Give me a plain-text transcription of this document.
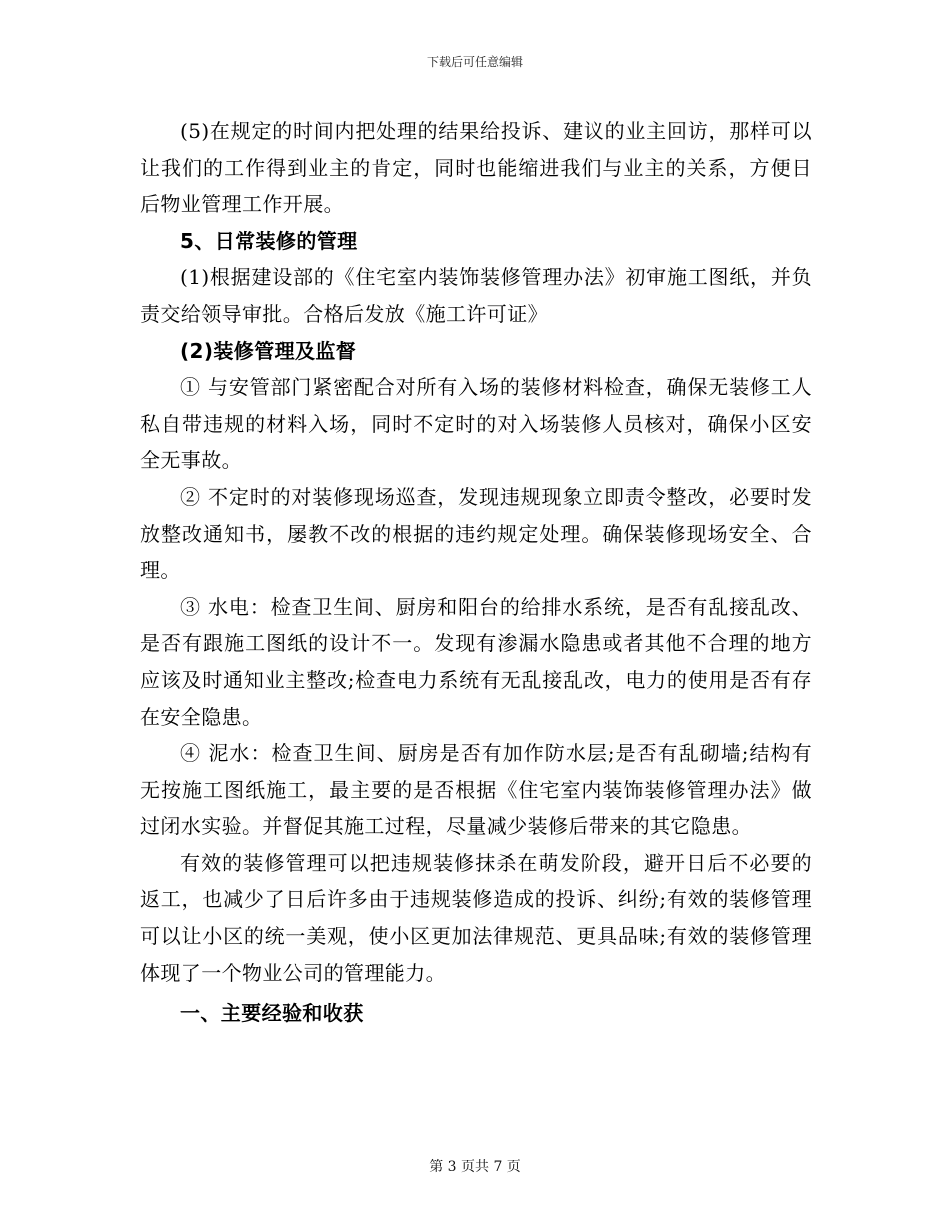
下载后可任意编辑

(5)在规定的时间内把处理的结果给投诉、建议的业主回访，那样可以让我们的工作得到业主的肯定，同时也能缩进我们与业主的关系，方便日后物业管理工作开展。

5、日常装修的管理

(1)根据建设部的《住宅室内装饰装修管理办法》初审施工图纸，并负责交给领导审批。合格后发放《施工许可证》

(2)装修管理及监督

① 与安管部门紧密配合对所有入场的装修材料检查，确保无装修工人私自带违规的材料入场，同时不定时的对入场装修人员核对，确保小区安全无事故。

② 不定时的对装修现场巡查，发现违规现象立即责令整改，必要时发放整改通知书，屡教不改的根据的违约规定处理。确保装修现场安全、合理。

③ 水电：检查卫生间、厨房和阳台的给排水系统，是否有乱接乱改、是否有跟施工图纸的设计不一。发现有渗漏水隐患或者其他不合理的地方应该及时通知业主整改;检查电力系统有无乱接乱改，电力的使用是否有存在安全隐患。

④ 泥水：检查卫生间、厨房是否有加作防水层;是否有乱砌墙;结构有无按施工图纸施工，最主要的是否根据《住宅室内装饰装修管理办法》做过闭水实验。并督促其施工过程，尽量减少装修后带来的其它隐患。

有效的装修管理可以把违规装修抹杀在萌发阶段，避开日后不必要的返工，也减少了日后许多由于违规装修造成的投诉、纠纷;有效的装修管理可以让小区的统一美观，使小区更加法律规范、更具品味;有效的装修管理体现了一个物业公司的管理能力。

一、主要经验和收获

第 3 页共 7 页
